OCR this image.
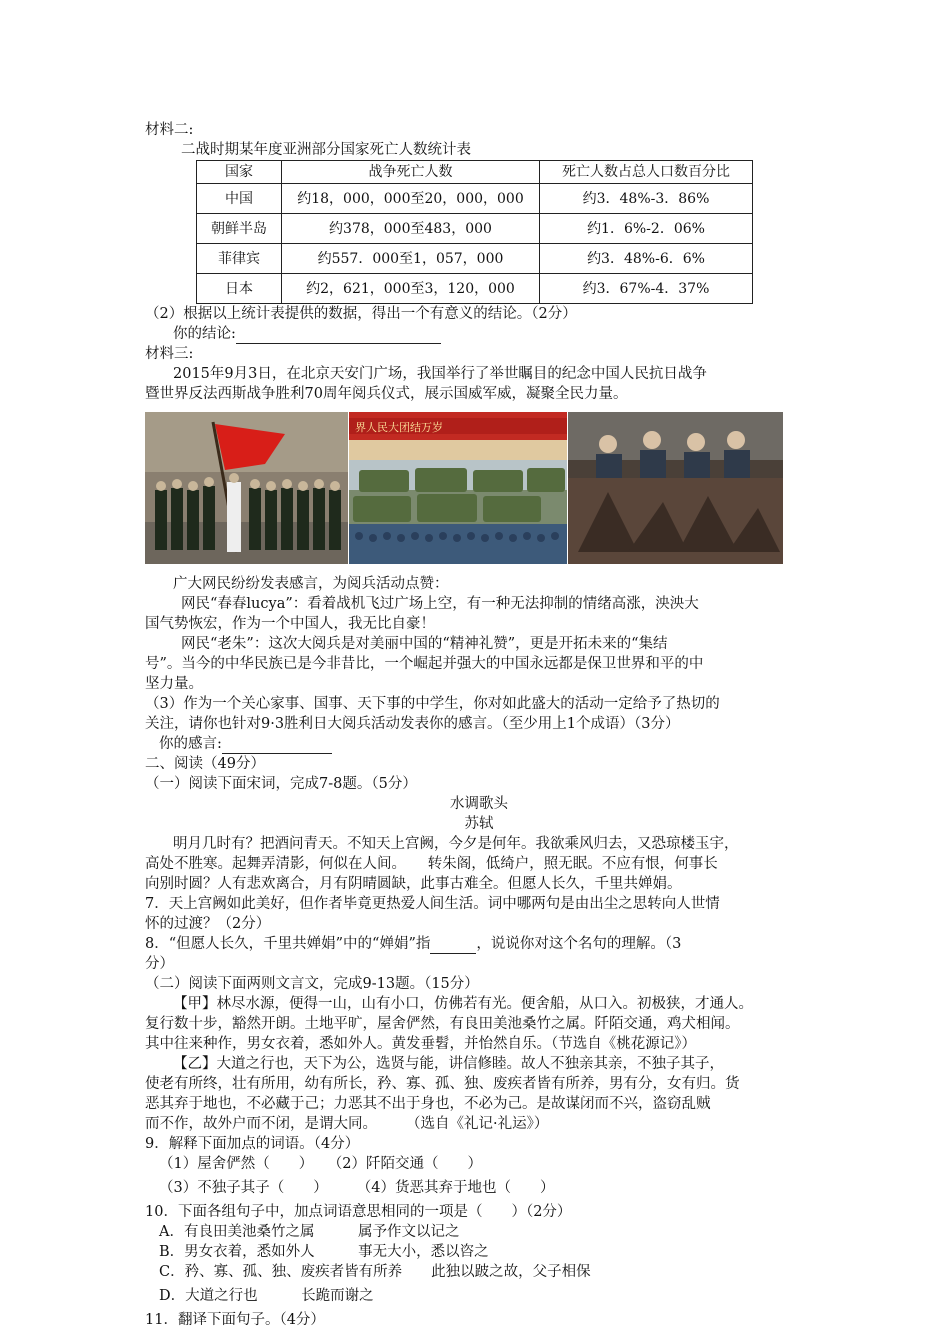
材料二:
二战时期某年度亚洲部分国家死亡人数统计表
国家	战争死亡人数	死亡人数占总人口数百分比
中国	约18，000，000至20，000，000	约3．48%-3．86%
朝鲜半岛	约378，000至483，000	约1．6%-2．06%
菲律宾	约557．000至1，057，000	约3．48%-6．6%
日本	约2，621，000至3，120，000	约3．67%-4．37%
（2）根据以上统计表提供的数据，得出一个有意义的结论。（2分）
你的结论:
材料三:
2015年9月3日，在北京天安门广场，我国举行了举世瞩目的纪念中国人民抗日战争
暨世界反法西斯战争胜利70周年阅兵仪式，展示国威军威，凝聚全民力量。
界人民大团结万岁
广大网民纷纷发表感言，为阅兵活动点赞：
网民“春春lucya”：看着战机飞过广场上空，有一种无法抑制的情绪高涨，泱泱大
国气势恢宏，作为一个中国人，我无比自豪！
网民“老朱”：这次大阅兵是对美丽中国的“精神礼赞”，更是开拓未来的“集结
号”。当今的中华民族已是今非昔比，一个崛起并强大的中国永远都是保卫世界和平的中
坚力量。
（3）作为一个关心家事、国事、天下事的中学生，你对如此盛大的活动一定给予了热切的
关注，请你也针对9·3胜利日大阅兵活动发表你的感言。（至少用上1个成语）（3分）
你的感言:
二、阅读（49分）
（一）阅读下面宋词，完成7-8题。（5分）
水调歌头
苏轼
明月几时有？把酒问青天。不知天上宫阙，今夕是何年。我欲乘风归去，又恐琼楼玉宇，
高处不胜寒。起舞弄清影，何似在人间。　　转朱阁，低绮户，照无眠。不应有恨，何事长
向别时圆？人有悲欢离合，月有阴晴圆缺，此事古难全。但愿人长久，千里共婵娟。
7．天上宫阙如此美好，但作者毕竟更热爱人间生活。词中哪两句是由出尘之思转向人世情
怀的过渡？（2分）
8．“但愿人长久，千里共婵娟”中的“婵娟”指	，说说你对这个名句的理解。（3
分）
（二）阅读下面两则文言文，完成9-13题。（15分）
【甲】林尽水源，便得一山，山有小口，仿佛若有光。便舍船，从口入。初极狭，才通人。
复行数十步，豁然开朗。土地平旷，屋舍俨然，有良田美池桑竹之属。阡陌交通，鸡犬相闻。
其中往来种作，男女衣着，悉如外人。黄发垂髫，并怡然自乐。（节选自《桃花源记》）
【乙】大道之行也，天下为公，选贤与能，讲信修睦。故人不独亲其亲，不独子其子，
使老有所终，壮有所用，幼有所长，矜、寡、孤、独、废疾者皆有所养，男有分，女有归。货
恶其弃于地也，不必藏于己；力恶其不出于身也，不必为己。是故谋闭而不兴，盗窃乱贼
而不作，故外户而不闭，是谓大同。　　　（选自《礼记·礼运》）
9．解释下面加点的词语。（4分）
（1）屋舍俨然（　　）　　（2）阡陌交通（　　）
（3）不独子其子（　　）　　　（4）货恶其弃于地也（　　）
10．下面各组句子中，加点词语意思相同的一项是（　　）（2分）
A．有良田美池桑竹之属　　　属予作文以记之
B．男女衣着，悉如外人　　　事无大小，悉以咨之
C．矜、寡、孤、独、废疾者皆有所养　　此独以跛之故，父子相保
D．大道之行也　　　长跪而谢之
11．翻译下面句子。（4分）
